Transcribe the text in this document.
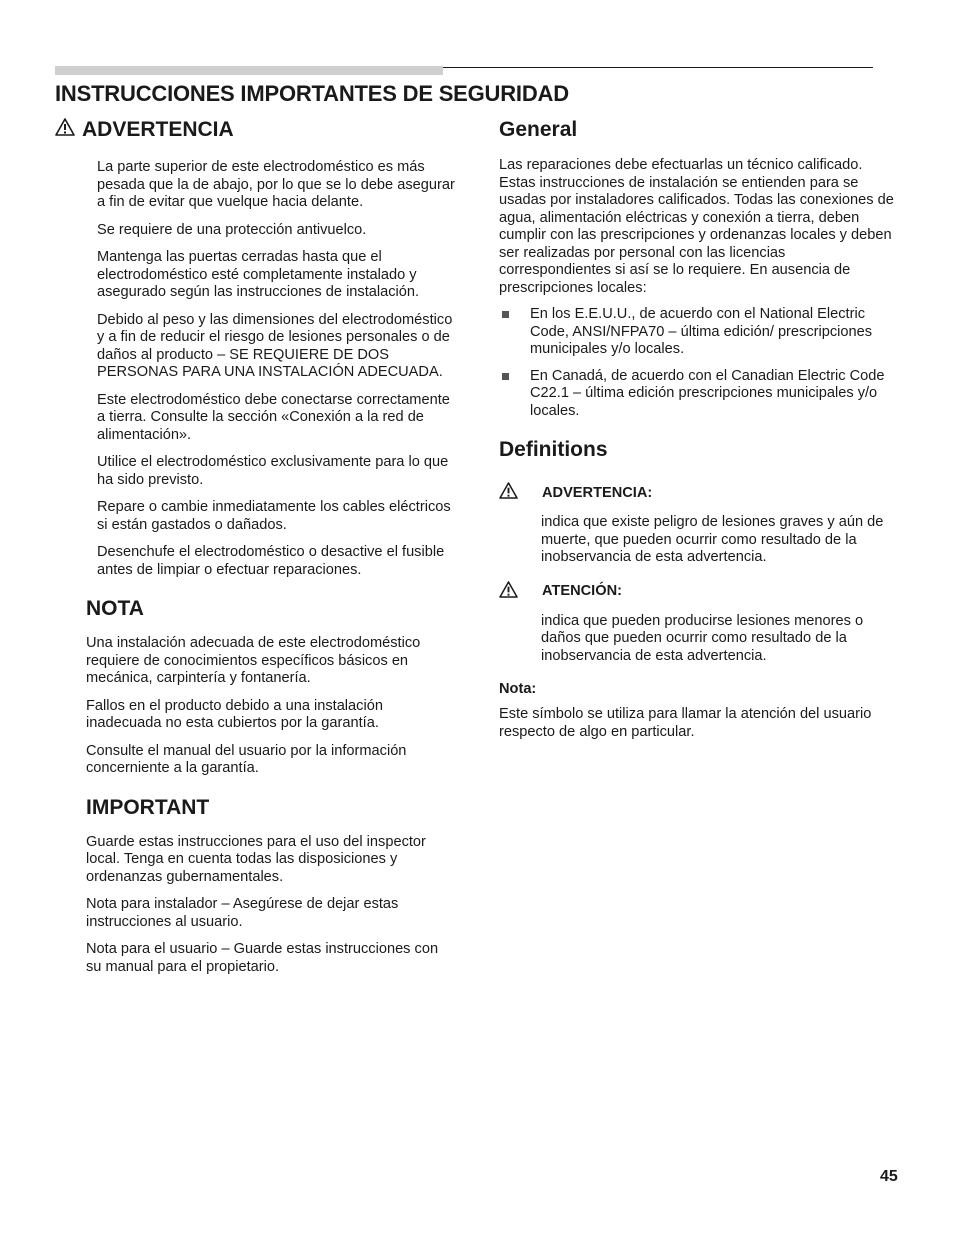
INSTRUCCIONES IMPORTANTES DE SEGURIDAD
ADVERTENCIA

La parte superior de este electrodoméstico es más pesada que la de abajo, por lo que se lo debe asegurar a fin de evitar que vuelque hacia delante.

Se requiere de una protección antivuelco.

Mantenga las puertas cerradas hasta que el electrodoméstico esté completamente instalado y asegurado según las instrucciones de instalación.

Debido al peso y las dimensiones del electrodoméstico y a fin de reducir el riesgo de lesiones personales o de daños al producto – SE REQUIERE DE DOS PERSONAS PARA UNA INSTALACIÓN ADECUADA.

Este electrodoméstico debe conectarse correctamente a tierra. Consulte la sección «Conexión a la red de alimentación».

Utilice el electrodoméstico exclusivamente para lo que ha sido previsto.

Repare o cambie inmediatamente los cables eléctricos si están gastados o dañados.

Desenchufe el electrodoméstico o desactive el fusible antes de limpiar o efectuar reparaciones.

NOTA

Una instalación adecuada de este electrodoméstico requiere de conocimientos específicos básicos en mecánica, carpintería y fontanería.

Fallos en el producto debido a una instalación inadecuada no esta cubiertos por la garantía.

Consulte el manual del usuario por la información concerniente a la garantía.

IMPORTANT

Guarde estas instrucciones para el uso del inspector local. Tenga en cuenta todas las disposiciones y ordenanzas gubernamentales.

Nota para instalador – Asegúrese de dejar estas instrucciones al usuario.

Nota para el usuario – Guarde estas instrucciones con su manual para el propietario.

General

Las reparaciones debe efectuarlas un técnico calificado. Estas instrucciones de instalación se entienden para se usadas por instaladores calificados. Todas las conexiones de agua, alimentación eléctricas y conexión a tierra, deben cumplir con las prescripciones y ordenanzas locales y deben ser realizadas por personal con las licencias correspondientes si así se lo requiere. En ausencia de prescripciones locales:

En los E.E.U.U., de acuerdo con el National Electric Code, ANSI/NFPA70 – última edición/ prescripciones municipales y/o locales.
En Canadá, de acuerdo con el Canadian Electric Code C22.1 – última edición prescripciones municipales y/o locales.
Definitions
ADVERTENCIA:

indica que existe peligro de lesiones graves y aún de muerte, que pueden ocurrir como resultado de la inobservancia de esta advertencia.

ATENCIÓN:

indica que pueden producirse lesiones menores o daños que pueden ocurrir como resultado de la inobservancia de esta advertencia.

Nota:

Este símbolo se utiliza para llamar la atención del usuario respecto de algo en particular.

45
